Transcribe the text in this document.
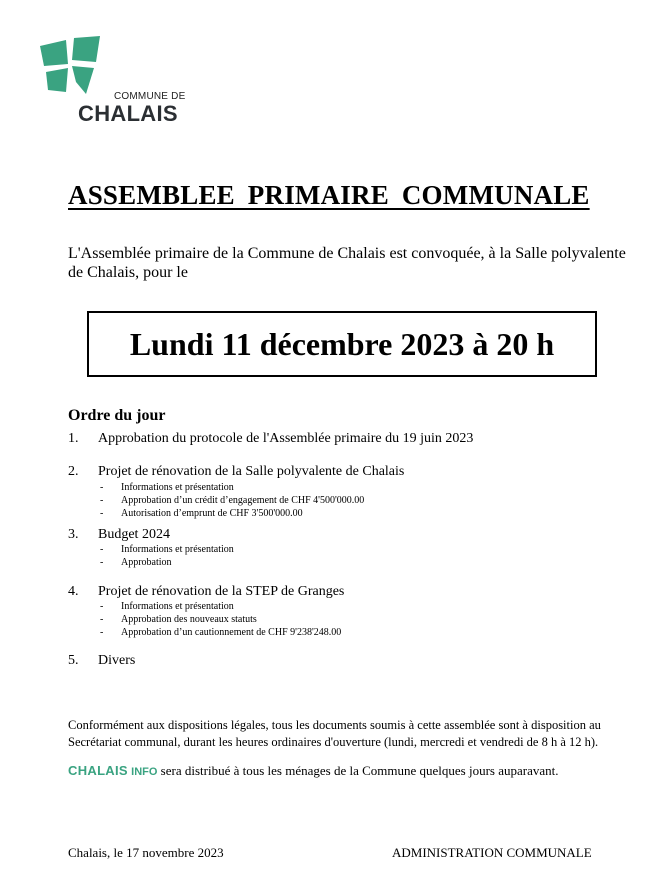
COMMUNE DE
CHALAIS
ASSEMBLEE PRIMAIRE COMMUNALE
L'Assemblée primaire de la Commune de Chalais est convoquée, à la Salle polyvalente de Chalais, pour le
Lundi 11 décembre 2023 à 20 h
Ordre du jour
1. Approbation du protocole de l'Assemblée primaire du 19 juin 2023
2. Projet de rénovation de la Salle polyvalente de Chalais
- Informations et présentation
- Approbation d’un crédit d’engagement de CHF 4'500'000.00
- Autorisation d’emprunt de CHF 3'500'000.00
3. Budget 2024
- Informations et présentation
- Approbation
4. Projet de rénovation de la STEP de Granges
- Informations et présentation
- Approbation des nouveaux statuts
- Approbation d’un cautionnement de CHF 9'238'248.00
5. Divers
Conformément aux dispositions légales, tous les documents soumis à cette assemblée sont à disposition au Secrétariat communal, durant les heures ordinaires d'ouverture (lundi, mercredi et vendredi de 8 h à 12 h).
CHALAIS INFO sera distribué à tous les ménages de la Commune quelques jours auparavant.
Chalais, le 17 novembre 2023	ADMINISTRATION COMMUNALE
